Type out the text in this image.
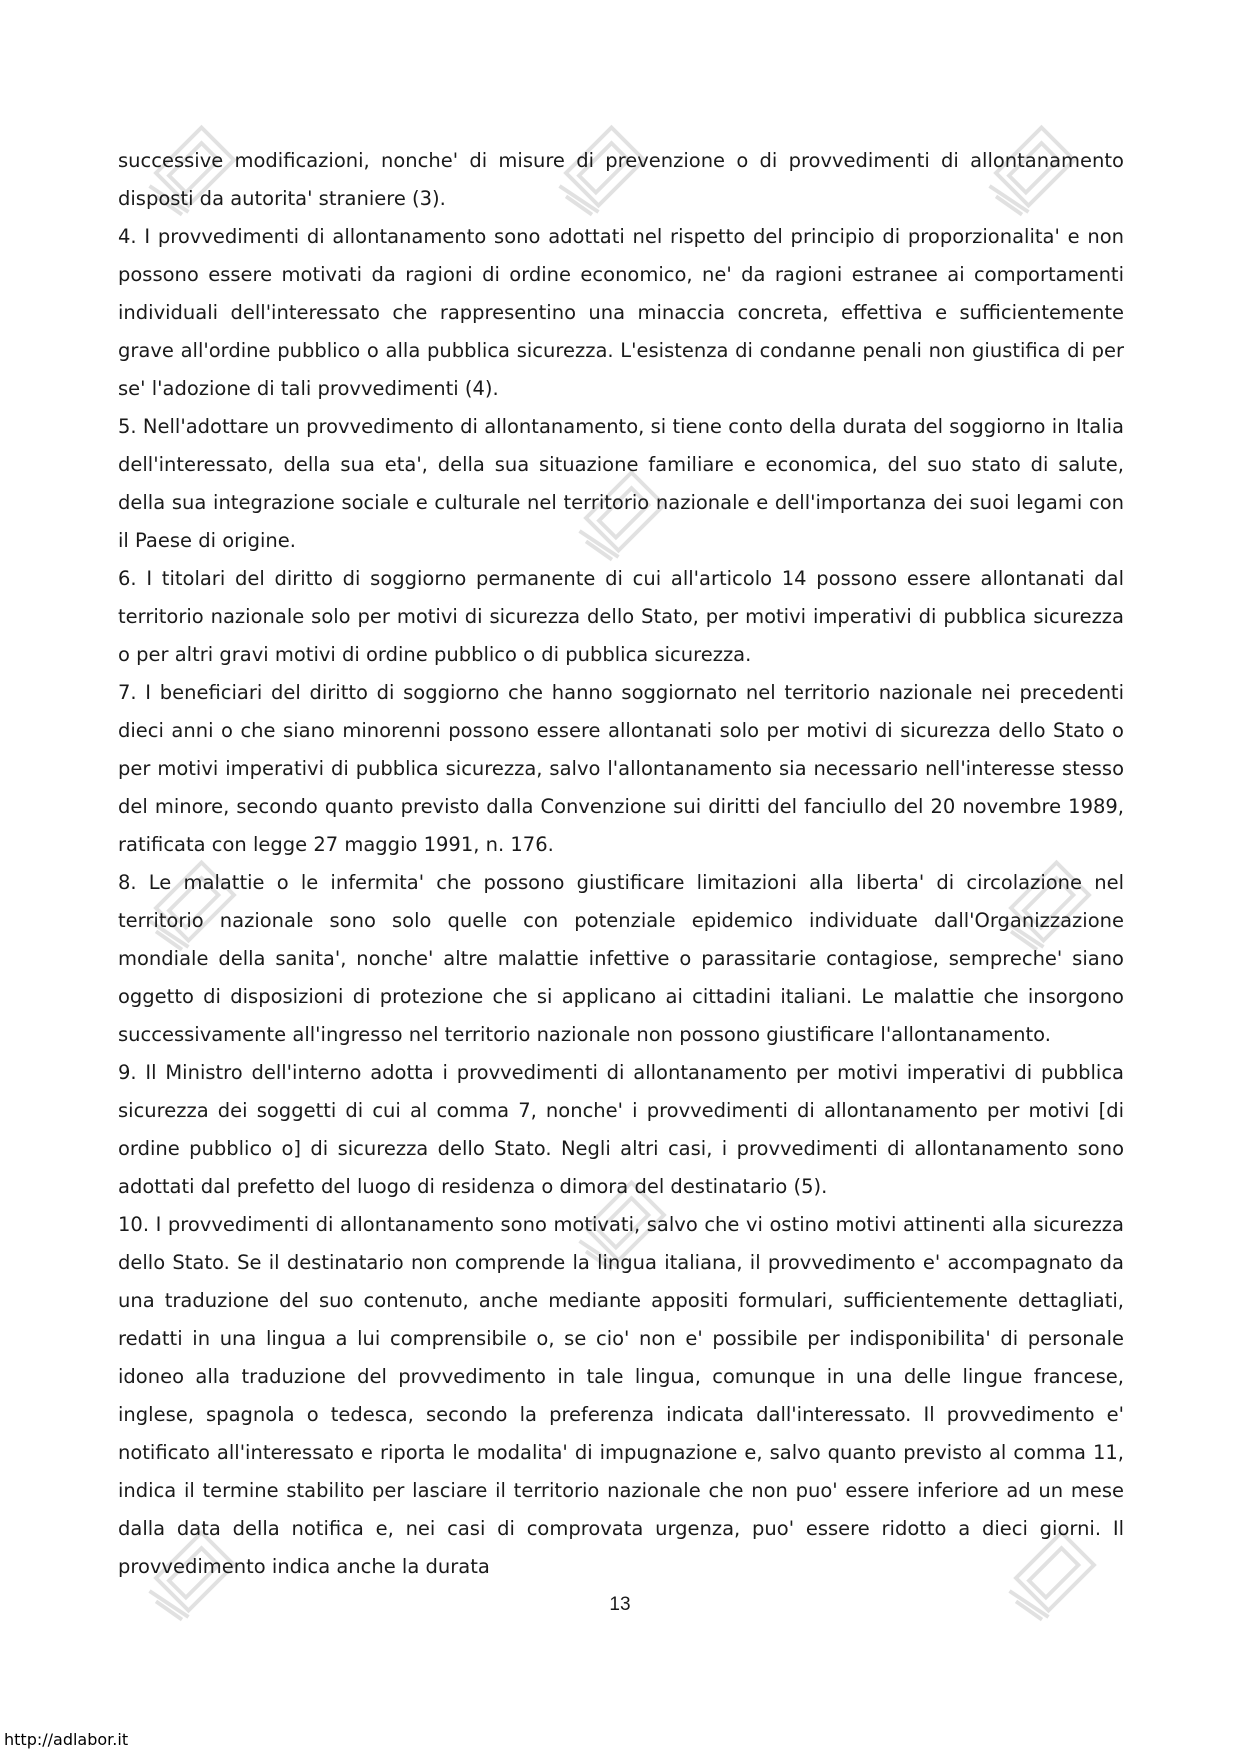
successive modificazioni, nonche' di misure di prevenzione o di provvedimenti di allontanamento disposti da autorita' straniere (3).

4. I provvedimenti di allontanamento sono adottati nel rispetto del principio di proporzionalita' e non possono essere motivati da ragioni di ordine economico, ne' da ragioni estranee ai comportamenti individuali dell'interessato che rappresentino una minaccia concreta, effettiva e sufficientemente grave all'ordine pubblico o alla pubblica sicurezza. L'esistenza di condanne penali non giustifica di per se' l'adozione di tali provvedimenti (4).

5. Nell'adottare un provvedimento di allontanamento, si tiene conto della durata del soggiorno in Italia dell'interessato, della sua eta', della sua situazione familiare e economica, del suo stato di salute, della sua integrazione sociale e culturale nel territorio nazionale e dell'importanza dei suoi legami con il Paese di origine.

6. I titolari del diritto di soggiorno permanente di cui all'articolo 14 possono essere allontanati dal territorio nazionale solo per motivi di sicurezza dello Stato, per motivi imperativi di pubblica sicurezza o per altri gravi motivi di ordine pubblico o di pubblica sicurezza.

7. I beneficiari del diritto di soggiorno che hanno soggiornato nel territorio nazionale nei precedenti dieci anni o che siano minorenni possono essere allontanati solo per motivi di sicurezza dello Stato o per motivi imperativi di pubblica sicurezza, salvo l'allontanamento sia necessario nell'interesse stesso del minore, secondo quanto previsto dalla Convenzione sui diritti del fanciullo del 20 novembre 1989, ratificata con legge 27 maggio 1991, n. 176.

8. Le malattie o le infermita' che possono giustificare limitazioni alla liberta' di circolazione nel territorio nazionale sono solo quelle con potenziale epidemico individuate dall'Organizzazione mondiale della sanita', nonche' altre malattie infettive o parassitarie contagiose, sempreche' siano oggetto di disposizioni di protezione che si applicano ai cittadini italiani. Le malattie che insorgono successivamente all'ingresso nel territorio nazionale non possono giustificare l'allontanamento.

9. Il Ministro dell'interno adotta i provvedimenti di allontanamento per motivi imperativi di pubblica sicurezza dei soggetti di cui al comma 7, nonche' i provvedimenti di allontanamento per motivi [di ordine pubblico o] di sicurezza dello Stato. Negli altri casi, i provvedimenti di allontanamento sono adottati dal prefetto del luogo di residenza o dimora del destinatario (5).

10. I provvedimenti di allontanamento sono motivati, salvo che vi ostino motivi attinenti alla sicurezza dello Stato. Se il destinatario non comprende la lingua italiana, il provvedimento e' accompagnato da una traduzione del suo contenuto, anche mediante appositi formulari, sufficientemente dettagliati, redatti in una lingua a lui comprensibile o, se cio' non e' possibile per indisponibilita' di personale idoneo alla traduzione del provvedimento in tale lingua, comunque in una delle lingue francese, inglese, spagnola o tedesca, secondo la preferenza indicata dall'interessato. Il provvedimento e' notificato all'interessato e riporta le modalita' di impugnazione e, salvo quanto previsto al comma 11, indica il termine stabilito per lasciare il territorio nazionale che non puo' essere inferiore ad un mese dalla data della notifica e, nei casi di comprovata urgenza, puo' essere ridotto a dieci giorni. Il provvedimento indica anche la durata

13
http://adlabor.it
